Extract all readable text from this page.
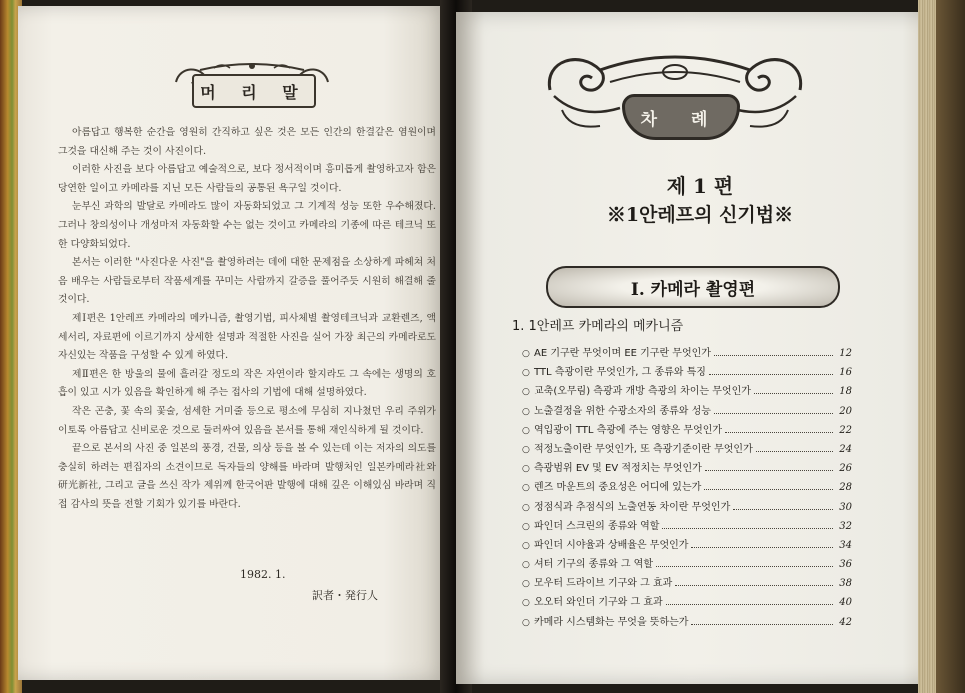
머 리 말

아름답고 행복한 순간을 영원히 간직하고 싶은 것은 모든 인간의 한결같은 염원이며 그것을 대신해 주는 것이 사진이다.

이러한 사진을 보다 아름답고 예술적으로, 보다 정서적이며 흥미롭게 촬영하고자 함은 당연한 일이고 카메라를 지닌 모든 사람들의 공통된 욕구일 것이다.

눈부신 과학의 발달로 카메라도 많이 자동화되었고 그 기계적 성능 또한 우수해졌다. 그러나 창의성이나 개성마저 자동화할 수는 없는 것이고 카메라의 기종에 따른 테크닉 또한 다양화되었다.

본서는 이러한 "사진다운 사진"을 촬영하려는 데에 대한 문제점을 소상하게 파헤쳐 처음 배우는 사람들로부터 작품세계를 꾸미는 사람까지 갈증을 풀어주듯 시원히 해결해 줄 것이다.

제Ⅰ편은 1안레프 카메라의 메카니즘, 촬영기법, 피사체별 촬영테크닉과 교환렌즈, 액세서리, 자료편에 이르기까지 상세한 설명과 적절한 사진을 실어 가장 최근의 카메라로도 자신있는 작품을 구성할 수 있게 하였다.

제Ⅱ편은 한 방울의 물에 흘러갈 정도의 작은 자연이라 할지라도 그 속에는 생명의 호흡이 있고 시가 있음을 확인하게 해 주는 접사의 기법에 대해 설명하였다.

작은 곤충, 꽃 속의 꽃술, 섬세한 거미줄 등으로 평소에 무심히 지나쳤던 우리 주위가 이토록 아름답고 신비로운 것으로 둘러싸여 있음을 본서를 통해 재인식하게 될 것이다.

끝으로 본서의 사진 중 일본의 풍경, 건물, 의상 등을 볼 수 있는데 이는 저자의 의도를 충실히 하려는 편집자의 소견이므로 독자들의 양해를 바라며 발행처인 일본카메라社와 研光新社, 그리고 글을 쓰신 작가 제위께 한국어판 발행에 대해 깊은 이해있심 바라며 직접 감사의 뜻을 전할 기회가 있기를 바란다.

1982. 1.
訳者・発行人
차 례
제 1 편
※1안레프의 신기법※
Ⅰ. 카메라 촬영편
1. 1안레프 카메라의 메카니즘
○ AE 기구란 무엇이며 EE 기구란 무엇인가	12
○ TTL 측광이란 무엇인가, 그 종류와 특징	16
○ 교축(오무림) 측광과 개방 측광의 차이는 무엇인가	18
○ 노출결정을 위한 수광소자의 종류와 성능	20
○ 역입광이 TTL 측광에 주는 영향은 무엇인가	22
○ 적정노출이란 무엇인가, 또 측광기준이란 무엇인가	24
○ 측광범위 EV 및 EV 적정치는 무엇인가	26
○ 렌즈 마운트의 중요성은 어디에 있는가	28
○ 정점식과 추점식의 노출연동 차이란 무엇인가	30
○ 파인더 스크린의 종류와 역할	32
○ 파인더 시야율과 상배율은 무엇인가	34
○ 셔터 기구의 종류와 그 역할	36
○ 모우터 드라이브 기구와 그 효과	38
○ 오오터 와인더 기구와 그 효과	40
○ 카메라 시스템화는 무엇을 뜻하는가	42
